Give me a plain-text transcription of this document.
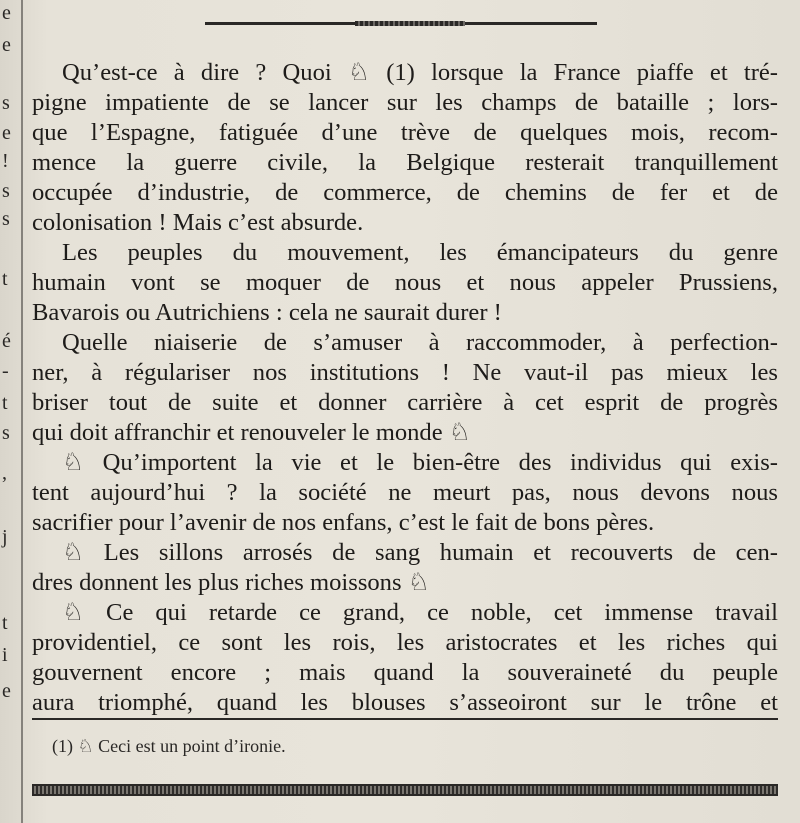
e
e
s
e
!
s
s
t
é
-
t
s
,
j
t
i
e
Qu’est-ce à dire ? Quoi ♘ (1) lorsque la France piaffe et tré-
pigne impatiente de se lancer sur les champs de bataille ; lors-
que l’Espagne, fatiguée d’une trève de quelques mois, recom-
mence la guerre civile, la Belgique resterait tranquillement
occupée d’industrie, de commerce, de chemins de fer et de
colonisation ! Mais c’est absurde.
Les peuples du mouvement, les émancipateurs du genre
humain vont se moquer de nous et nous appeler Prussiens,
Bavarois ou Autrichiens : cela ne saurait durer !
Quelle niaiserie de s’amuser à raccommoder, à perfection-
ner, à régulariser nos institutions ! Ne vaut-il pas mieux les
briser tout de suite et donner carrière à cet esprit de progrès
qui doit affranchir et renouveler le monde ♘
♘ Qu’importent la vie et le bien-être des individus qui exis-
tent aujourd’hui ? la société ne meurt pas, nous devons nous
sacrifier pour l’avenir de nos enfans, c’est le fait de bons pères.
♘ Les sillons arrosés de sang humain et recouverts de cen-
dres donnent les plus riches moissons ♘
♘ Ce qui retarde ce grand, ce noble, cet immense travail
providentiel, ce sont les rois, les aristocrates et les riches qui
gouvernent encore ; mais quand la souveraineté du peuple
aura triomphé, quand les blouses s’asseoiront sur le trône et
(1) ♘ Ceci est un point d’ironie.
